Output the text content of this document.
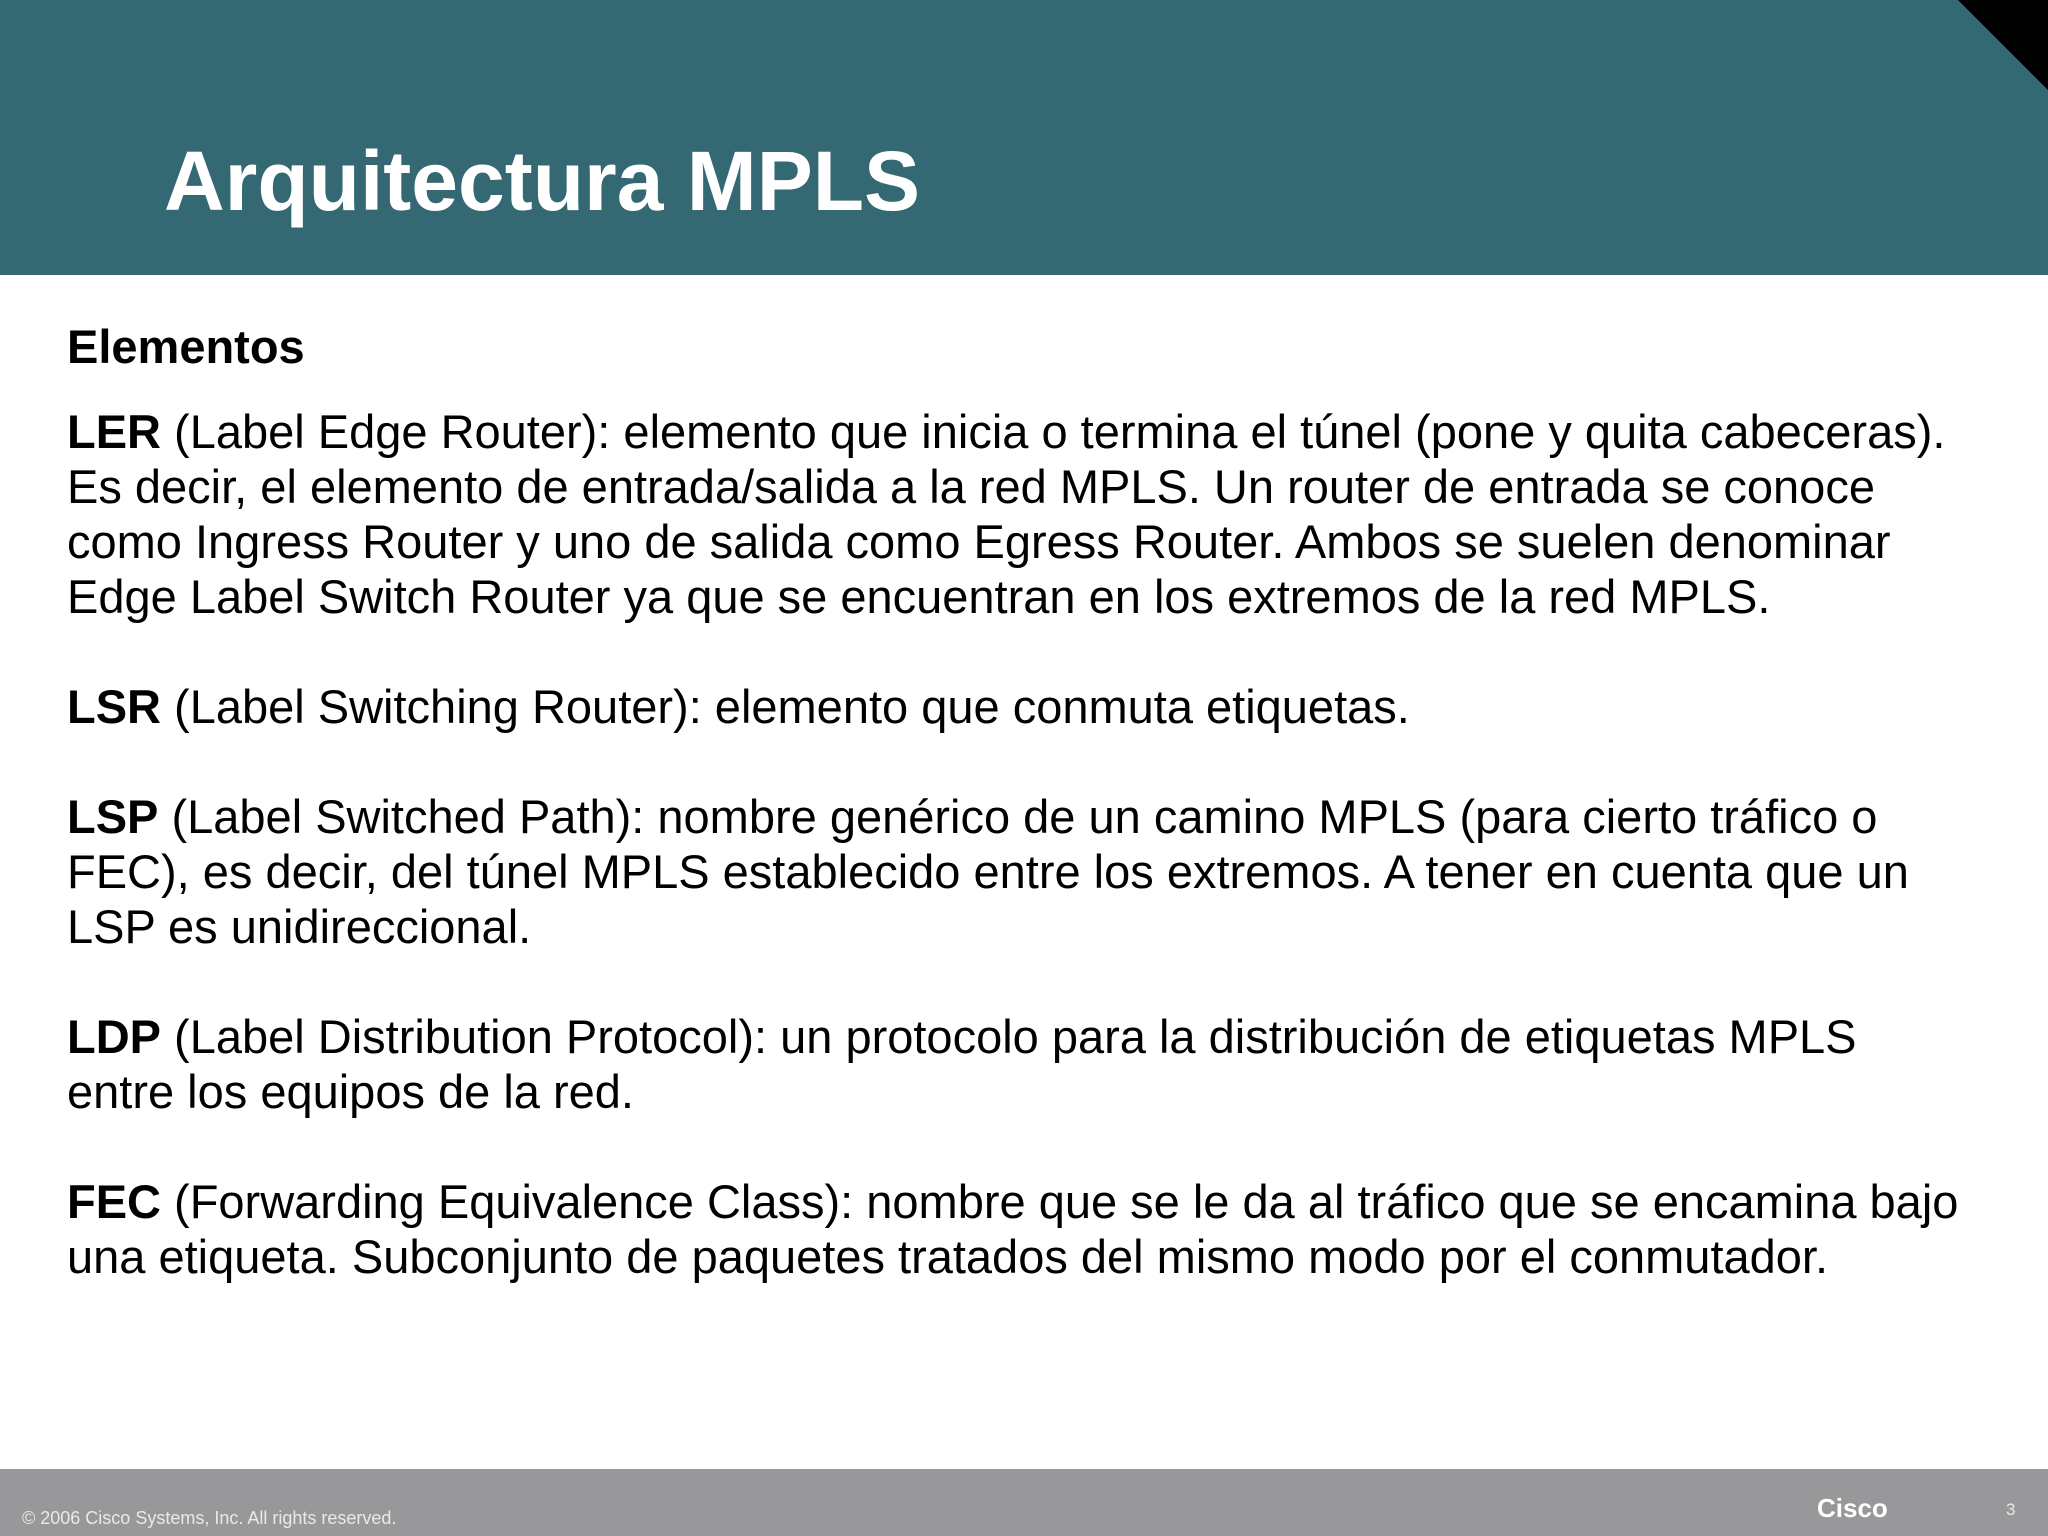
Arquitectura MPLS

Elementos

LER (Label Edge Router): elemento que inicia o termina el túnel (pone y quita cabeceras). Es decir, el elemento de entrada/salida a la red MPLS. Un router de entrada se conoce como Ingress Router y uno de salida como Egress Router. Ambos se suelen denominar Edge Label Switch Router ya que se encuentran en los extremos de la red MPLS.

LSR (Label Switching Router): elemento que conmuta etiquetas.

LSP (Label Switched Path): nombre genérico de un camino MPLS (para cierto tráfico o FEC), es decir, del túnel MPLS establecido entre los extremos. A tener en cuenta que un LSP es unidireccional.

LDP (Label Distribution Protocol): un protocolo para la distribución de etiquetas MPLS entre los equipos de la red.

FEC (Forwarding Equivalence Class): nombre que se le da al tráfico que se encamina bajo una etiqueta. Subconjunto de paquetes tratados del mismo modo por el conmutador.

© 2006 Cisco Systems, Inc. All rights reserved.	Cisco	3
